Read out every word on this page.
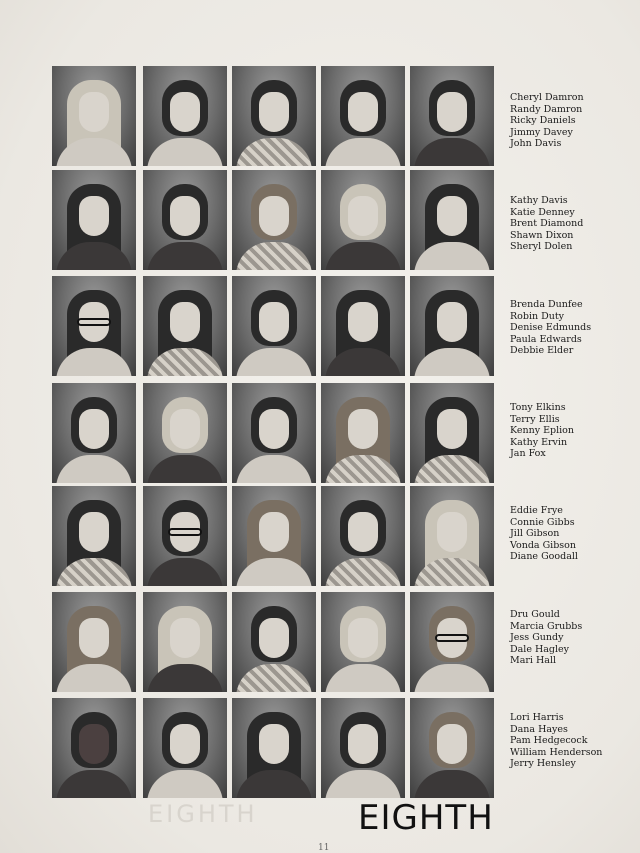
Cheryl Damron
Randy Damron
Ricky Daniels
Jimmy Davey
John Davis
Kathy Davis
Katie Denney
Brent Diamond
Shawn Dixon
Sheryl Dolen
Brenda Dunfee
Robin Duty
Denise Edmunds
Paula Edwards
Debbie Elder
Tony Elkins
Terry Ellis
Kenny Eplion
Kathy Ervin
Jan Fox
Eddie Frye
Connie Gibbs
Jill Gibson
Vonda Gibson
Diane Goodall
Dru Gould
Marcia Grubbs
Jess Gundy
Dale Hagley
Mari Hall
Lori Harris
Dana Hayes
Pam Hedgecock
William Henderson
Jerry Hensley
EIGHTH	EIGHTH
11
